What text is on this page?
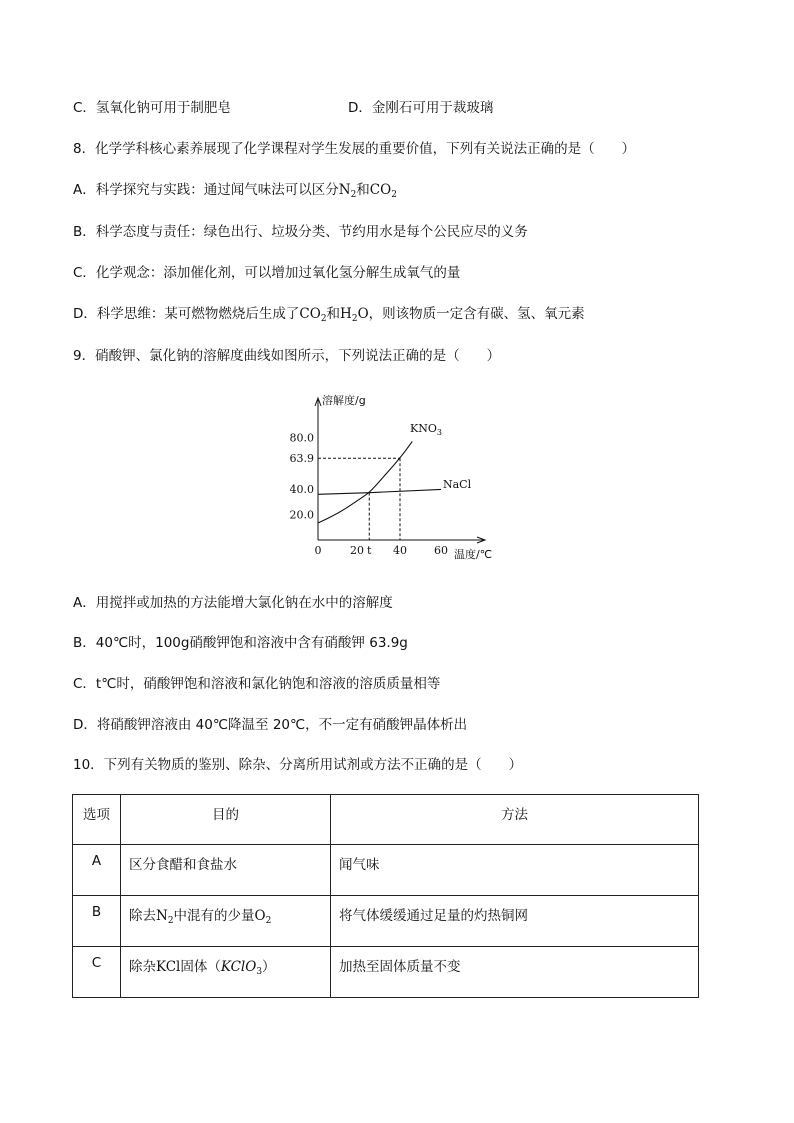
C．氢氧化钠可用于制肥皂	D．金刚石可用于裁玻璃
8．化学学科核心素养展现了化学课程对学生发展的重要价值，下列有关说法正确的是（　　）
A．科学探究与实践：通过闻气味法可以区分$N_2$和$CO_2$
B．科学态度与责任：绿色出行、垃圾分类、节约用水是每个公民应尽的义务
C．化学观念：添加催化剂，可以增加过氧化氢分解生成氧气的量
D．科学思维：某可燃物燃烧后生成了$CO_2$和$H_2O$，则该物质一定含有碳、氢、氧元素
9．硝酸钾、氯化钠的溶解度曲线如图所示，下列说法正确的是（　　）
溶解度/g
温度/℃
20.0
40.0
63.9
80.0
0	20 t 40 60
$KNO_3$
NaCl
A．用搅拌或加热的方法能增大氯化钠在水中的溶解度
B．40℃时，100g硝酸钾饱和溶液中含有硝酸钾 63.9g
C．t℃时，硝酸钾饱和溶液和氯化钠饱和溶液的溶质质量相等
D．将硝酸钾溶液由 40℃降温至 20℃，不一定有硝酸钾晶体析出
10．下列有关物质的鉴别、除杂、分离所用试剂或方法不正确的是（　　）
选项	目的	方法
A	区分食醋和食盐水	闻气味
B	除去$N_2$中混有的少量$O_2$	将气体缓缓通过足量的灼热铜网
C	除杂KCl固体（KClO$_3$）	加热至固体质量不变
